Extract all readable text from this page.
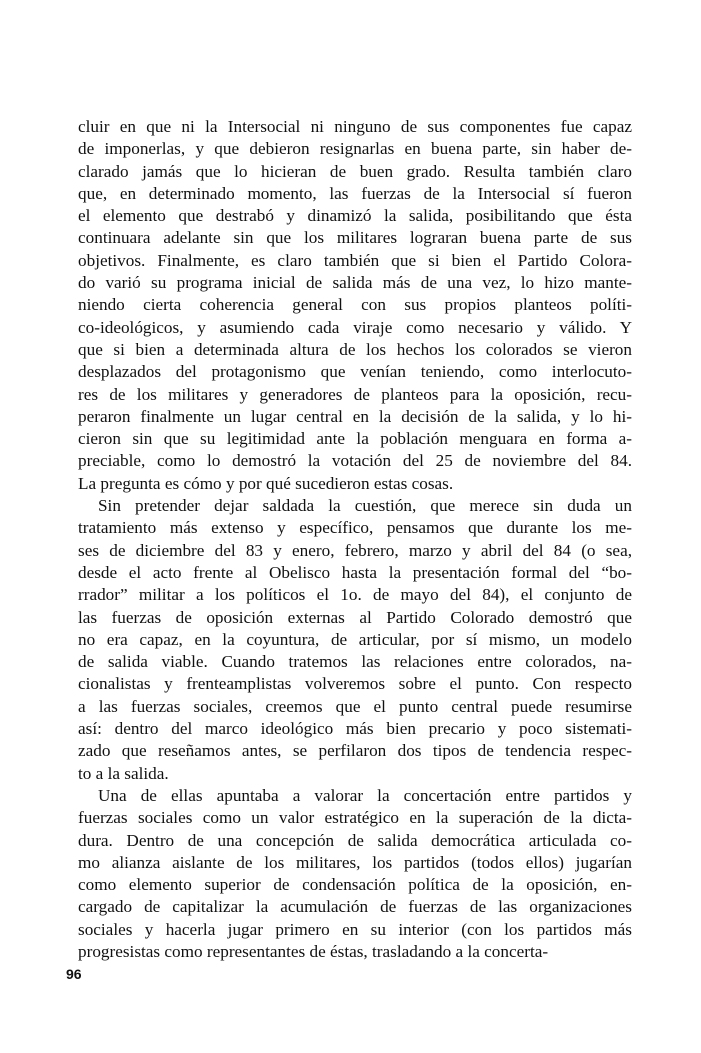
cluir en que ni la Intersocial ni ninguno de sus componentes fue capaz
de imponerlas, y que debieron resignarlas en buena parte, sin haber de-
clarado jamás que lo hicieran de buen grado. Resulta también claro
que, en determinado momento, las fuerzas de la Intersocial sí fueron
el elemento que destrabó y dinamizó la salida, posibilitando que ésta
continuara adelante sin que los militares lograran buena parte de sus
objetivos. Finalmente, es claro también que si bien el Partido Colora-
do varió su programa inicial de salida más de una vez, lo hizo mante-
niendo cierta coherencia general con sus propios planteos políti-
co-ideológicos, y asumiendo cada viraje como necesario y válido. Y
que si bien a determinada altura de los hechos los colorados se vieron
desplazados del protagonismo que venían teniendo, como interlocuto-
res de los militares y generadores de planteos para la oposición, recu-
peraron finalmente un lugar central en la decisión de la salida, y lo hi-
cieron sin que su legitimidad ante la población menguara en forma a-
preciable, como lo demostró la votación del 25 de noviembre del 84.
La pregunta es cómo y por qué sucedieron estas cosas.
Sin pretender dejar saldada la cuestión, que merece sin duda un
tratamiento más extenso y específico, pensamos que durante los me-
ses de diciembre del 83 y enero, febrero, marzo y abril del 84 (o sea,
desde el acto frente al Obelisco hasta la presentación formal del “bo-
rrador” militar a los políticos el 1o. de mayo del 84), el conjunto de
las fuerzas de oposición externas al Partido Colorado demostró que
no era capaz, en la coyuntura, de articular, por sí mismo, un modelo
de salida viable. Cuando tratemos las relaciones entre colorados, na-
cionalistas y frenteamplistas volveremos sobre el punto. Con respecto
a las fuerzas sociales, creemos que el punto central puede resumirse
así: dentro del marco ideológico más bien precario y poco sistemati-
zado que reseñamos antes, se perfilaron dos tipos de tendencia respec-
to a la salida.
Una de ellas apuntaba a valorar la concertación entre partidos y
fuerzas sociales como un valor estratégico en la superación de la dicta-
dura. Dentro de una concepción de salida democrática articulada co-
mo alianza aislante de los militares, los partidos (todos ellos) jugarían
como elemento superior de condensación política de la oposición, en-
cargado de capitalizar la acumulación de fuerzas de las organizaciones
sociales y hacerla jugar primero en su interior (con los partidos más
progresistas como representantes de éstas, trasladando a la concerta-
96
